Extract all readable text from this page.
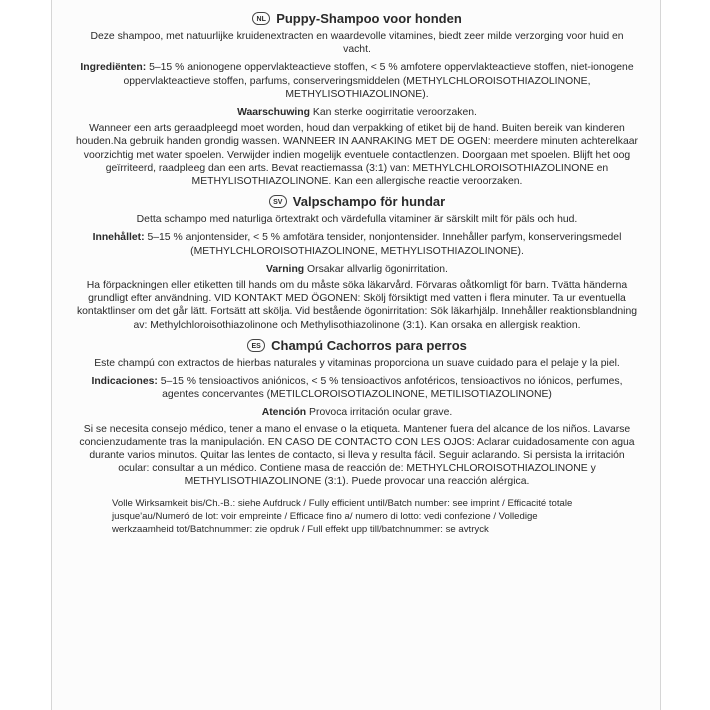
NL Puppy-Shampoo voor honden

Deze shampoo, met natuurlijke kruidenextracten en waardevolle vitamines, biedt zeer milde verzorging voor huid en vacht.

Ingrediënten: 5–15 % anionogene oppervlakteactieve stoffen, < 5 % amfotere oppervlakteactieve stoffen, niet-ionogene oppervlakteactieve stoffen, parfums, conserveringsmiddelen (METHYLCHLOROISOTHIAZOLINONE, METHYLISOTHIAZOLINONE).

Waarschuwing Kan sterke oogirritatie veroorzaken.

Wanneer een arts geraadpleegd moet worden, houd dan verpakking of etiket bij de hand. Buiten bereik van kinderen houden.Na gebruik handen grondig wassen. WANNEER IN AANRAKING MET DE OGEN: meerdere minuten achterelkaar voorzichtig met water spoelen. Verwijder indien mogelijk eventuele contactlenzen. Doorgaan met spoelen. Blijft het oog geïrriteerd, raadpleeg dan een arts. Bevat reactiemassa (3:1) van: METHYLCHLOROISOTHIAZOLINONE en METHYLISOTHIAZOLINONE. Kan een allergische reactie veroorzaken.

SV Valpschampo för hundar

Detta schampo med naturliga örtextrakt och värdefulla vitaminer är särskilt milt för päls och hud.

Innehållet: 5–15 % anjontensider, < 5 % amfotära tensider, nonjontensider. Innehåller parfym, konserveringsmedel (METHYLCHLOROISOTHIAZOLINONE, METHYLISOTHIAZOLINONE).

Varning Orsakar allvarlig ögonirritation.

Ha förpackningen eller etiketten till hands om du måste söka läkarvård. Förvaras oåtkomligt för barn. Tvätta händerna grundligt efter användning. VID KONTAKT MED ÖGONEN: Skölj försiktigt med vatten i flera minuter. Ta ur eventuella kontaktlinser om det går lätt. Fortsätt att skölja. Vid bestående ögonirritation: Sök läkarhjälp. Innehåller reaktionsblandning av: Methylchloroisothiazolinone och Methylisothiazolinone (3:1). Kan orsaka en allergisk reaktion.

ES Champú Cachorros para perros

Este champú con extractos de hierbas naturales y vitaminas proporciona un suave cuidado para el pelaje y la piel.

Indicaciones: 5–15 % tensioactivos aniónicos, < 5 % tensioactivos anfotéricos, tensioactivos no iónicos, perfumes, agentes concervantes (METILCLOROISOTIAZOLINONE, METILISOTIAZOLINONE)

Atención Provoca irritación ocular grave.

Si se necesita consejo médico, tener a mano el envase o la etiqueta. Mantener fuera del alcance de los niños. Lavarse concienzudamente tras la manipulación. EN CASO DE CONTACTO CON LES OJOS: Aclarar cuidadosamente con agua durante varios minutos. Quitar las lentes de contacto, si lleva y resulta fácil. Seguir aclarando. Si persista la irritación ocular: consultar a un médico. Contiene masa de reacción de: METHYLCHLOROISOTHIAZOLINONE y METHYLISOTHIAZOLINONE (3:1). Puede provocar una reacción alérgica.

Volle Wirksamkeit bis/Ch.-B.: siehe Aufdruck / Fully efficient until/Batch number: see imprint / Efficacité totale jusque'au/Numeró de lot: voir empreinte / Efficace fino a/ numero di lotto: vedi confezione / Volledige werkzaamheid tot/Batchnummer: zie opdruk / Full effekt upp till/batchnummer: se avtryck
